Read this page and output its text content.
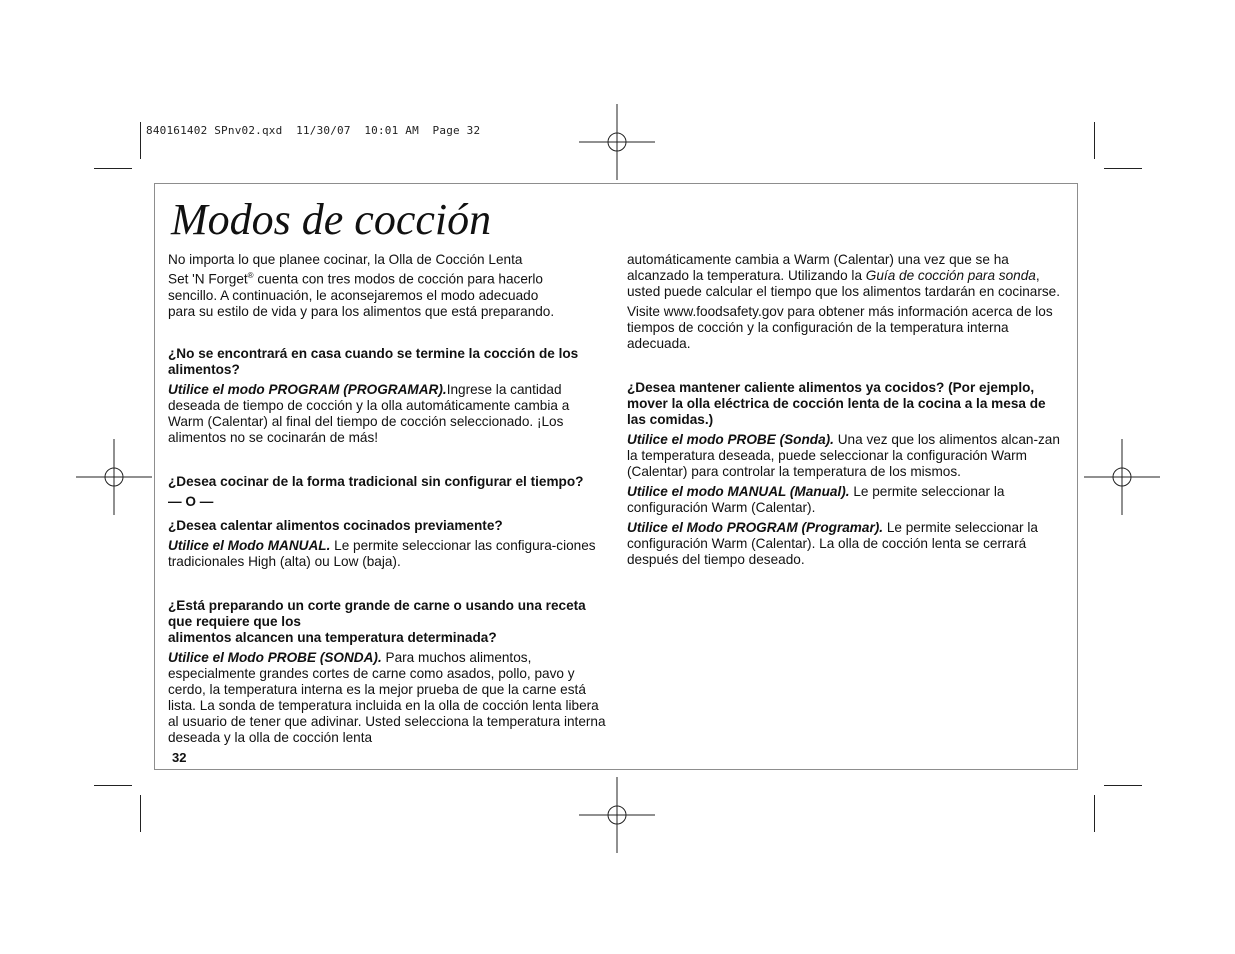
840161402 SPnv02.qxd  11/30/07  10:01 AM  Page 32
Modos de cocción

No importa lo que planee cocinar, la Olla de Cocción Lenta
Set 'N Forget® cuenta con tres modos de cocción para hacerlo
sencillo. A continuación, le aconsejaremos el modo adecuado
para su estilo de vida y para los alimentos que está preparando.

¿No se encontrará en casa cuando se termine la cocción de los alimentos?

Utilice el modo PROGRAM (PROGRAMAR).Ingrese la cantidad deseada de tiempo de cocción y la olla automáticamente cambia a Warm (Calentar) al final del tiempo de cocción seleccionado. ¡Los alimentos no se cocinarán de más!

¿Desea cocinar de la forma tradicional sin configurar el tiempo?

— O —

¿Desea calentar alimentos cocinados previamente?

Utilice el Modo MANUAL. Le permite seleccionar las configura-ciones tradicionales High (alta) ou Low (baja).

¿Está preparando un corte grande de carne o usando una receta que requiere que los
alimentos alcancen una temperatura determinada?

Utilice el Modo PROBE (SONDA). Para muchos alimentos, especialmente grandes cortes de carne como asados, pollo, pavo y cerdo, la temperatura interna es la mejor prueba de que la carne está lista. La sonda de temperatura incluida en la olla de cocción lenta libera al usuario de tener que adivinar. Usted selecciona la temperatura interna deseada y la olla de cocción lenta

automáticamente cambia a Warm (Calentar) una vez que se ha alcanzado la temperatura. Utilizando la Guía de cocción para sonda, usted puede calcular el tiempo que los alimentos tardarán en cocinarse.

Visite www.foodsafety.gov para obtener más información acerca de los tiempos de cocción y la configuración de la temperatura interna adecuada.

¿Desea mantener caliente alimentos ya cocidos? (Por ejemplo, mover la olla eléctrica de cocción lenta de la cocina a la mesa de las comidas.)

Utilice el modo PROBE (Sonda). Una vez que los alimentos alcan-zan la temperatura deseada, puede seleccionar la configuración Warm (Calentar) para controlar la temperatura de los mismos.

Utilice el modo MANUAL (Manual). Le permite seleccionar la configuración Warm (Calentar).

Utilice el Modo PROGRAM (Programar). Le permite seleccionar la configuración Warm (Calentar). La olla de cocción lenta se cerrará después del tiempo deseado.

32
